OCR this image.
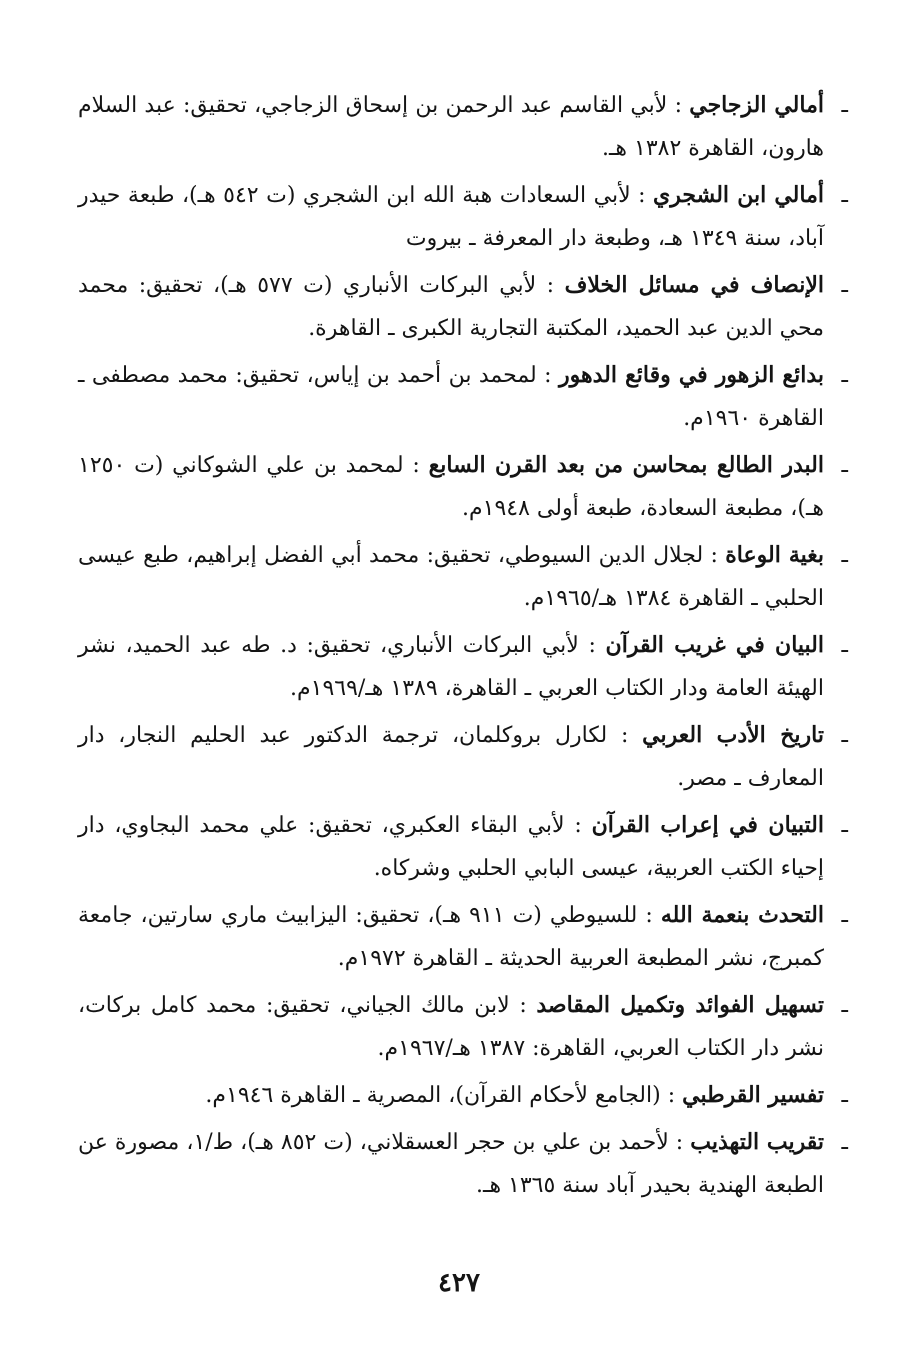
ـ
أمالي الزجاجي : لأبي القاسم عبد الرحمن بن إسحاق الزجاجي، تحقيق: عبد السلام هارون، القاهرة ١٣٨٢ هـ.
ـ
أمالي ابن الشجري : لأبي السعادات هبة الله ابن الشجري (ت ٥٤٢ هـ)، طبعة حيدر آباد، سنة ١٣٤٩ هـ، وطبعة دار المعرفة ـ بيروت
ـ
الإنصاف في مسائل الخلاف : لأبي البركات الأنباري (ت ٥٧٧ هـ)، تحقيق: محمد محي الدين عبد الحميد، المكتبة التجارية الكبرى ـ القاهرة.
ـ
بدائع الزهور في وقائع الدهور : لمحمد بن أحمد بن إياس، تحقيق: محمد مصطفى ـ القاهرة ١٩٦٠م.
ـ
البدر الطالع بمحاسن من بعد القرن السابع : لمحمد بن علي الشوكاني (ت ١٢٥٠ هـ)، مطبعة السعادة، طبعة أولى ١٩٤٨م.
ـ
بغية الوعاة : لجلال الدين السيوطي، تحقيق: محمد أبي الفضل إبراهيم، طبع عيسى الحلبي ـ القاهرة ١٣٨٤ هـ/١٩٦٥م.
ـ
البيان في غريب القرآن : لأبي البركات الأنباري، تحقيق: د. طه عبد الحميد، نشر الهيئة العامة ودار الكتاب العربي ـ القاهرة، ١٣٨٩ هـ/١٩٦٩م.
ـ
تاريخ الأدب العربي : لكارل بروكلمان، ترجمة الدكتور عبد الحليم النجار، دار المعارف ـ مصر.
ـ
التبيان في إعراب القرآن : لأبي البقاء العكبري، تحقيق: علي محمد البجاوي، دار إحياء الكتب العربية، عيسى البابي الحلبي وشركاه.
ـ
التحدث بنعمة الله : للسيوطي (ت ٩١١ هـ)، تحقيق: اليزابيث ماري سارتين، جامعة كمبرج، نشر المطبعة العربية الحديثة ـ القاهرة ١٩٧٢م.
ـ
تسهيل الفوائد وتكميل المقاصد : لابن مالك الجياني، تحقيق: محمد كامل بركات، نشر دار الكتاب العربي، القاهرة: ١٣٨٧ هـ/١٩٦٧م.
ـ
تفسير القرطبي : (الجامع لأحكام القرآن)، المصرية ـ القاهرة ١٩٤٦م.
ـ
تقريب التهذيب : لأحمد بن علي بن حجر العسقلاني، (ت ٨٥٢ هـ)، ط/١، مصورة عن الطبعة الهندية بحيدر آباد سنة ١٣٦٥ هـ.
٤٢٧
